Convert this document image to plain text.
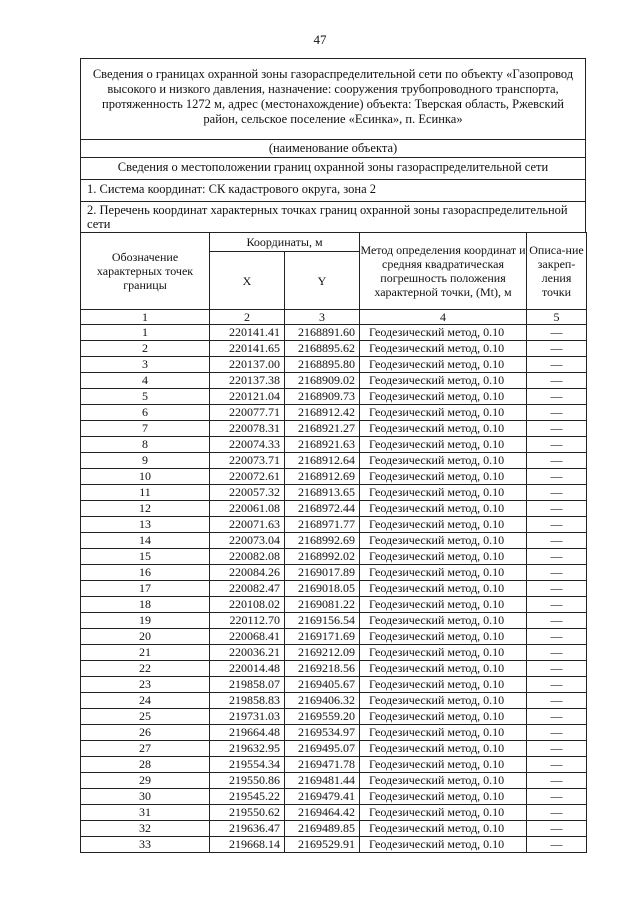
47
Сведения о границах охранной зоны газораспределительной сети по объекту «Газопровод высокого и низкого давления, назначение: сооружения трубопроводного транспорта, протяженность 1272 м, адрес (местонахождение) объекта: Тверская область, Ржевский район, сельское поселение «Есинка», п. Есинка»
(наименование объекта)
Сведения о местоположении границ охранной зоны газораспределительной сети
1. Система координат: СК кадастрового округа, зона 2
2. Перечень координат характерных точках границ охранной зоны газораспределительной сети
Обозначение характерных точек границы	Координаты, м		Метод определения координат и средняя квадратическая погрешность положения характерной точки, (Mt), м	Описа-ние закреп-ления точки
	X	Y		
1	2	3	4	5
1	220141.41	2168891.60	Геодезический метод, 0.10	—
2	220141.65	2168895.62	Геодезический метод, 0.10	—
3	220137.00	2168895.80	Геодезический метод, 0.10	—
4	220137.38	2168909.02	Геодезический метод, 0.10	—
5	220121.04	2168909.73	Геодезический метод, 0.10	—
6	220077.71	2168912.42	Геодезический метод, 0.10	—
7	220078.31	2168921.27	Геодезический метод, 0.10	—
8	220074.33	2168921.63	Геодезический метод, 0.10	—
9	220073.71	2168912.64	Геодезический метод, 0.10	—
10	220072.61	2168912.69	Геодезический метод, 0.10	—
11	220057.32	2168913.65	Геодезический метод, 0.10	—
12	220061.08	2168972.44	Геодезический метод, 0.10	—
13	220071.63	2168971.77	Геодезический метод, 0.10	—
14	220073.04	2168992.69	Геодезический метод, 0.10	—
15	220082.08	2168992.02	Геодезический метод, 0.10	—
16	220084.26	2169017.89	Геодезический метод, 0.10	—
17	220082.47	2169018.05	Геодезический метод, 0.10	—
18	220108.02	2169081.22	Геодезический метод, 0.10	—
19	220112.70	2169156.54	Геодезический метод, 0.10	—
20	220068.41	2169171.69	Геодезический метод, 0.10	—
21	220036.21	2169212.09	Геодезический метод, 0.10	—
22	220014.48	2169218.56	Геодезический метод, 0.10	—
23	219858.07	2169405.67	Геодезический метод, 0.10	—
24	219858.83	2169406.32	Геодезический метод, 0.10	—
25	219731.03	2169559.20	Геодезический метод, 0.10	—
26	219664.48	2169534.97	Геодезический метод, 0.10	—
27	219632.95	2169495.07	Геодезический метод, 0.10	—
28	219554.34	2169471.78	Геодезический метод, 0.10	—
29	219550.86	2169481.44	Геодезический метод, 0.10	—
30	219545.22	2169479.41	Геодезический метод, 0.10	—
31	219550.62	2169464.42	Геодезический метод, 0.10	—
32	219636.47	2169489.85	Геодезический метод, 0.10	—
33	219668.14	2169529.91	Геодезический метод, 0.10	—
